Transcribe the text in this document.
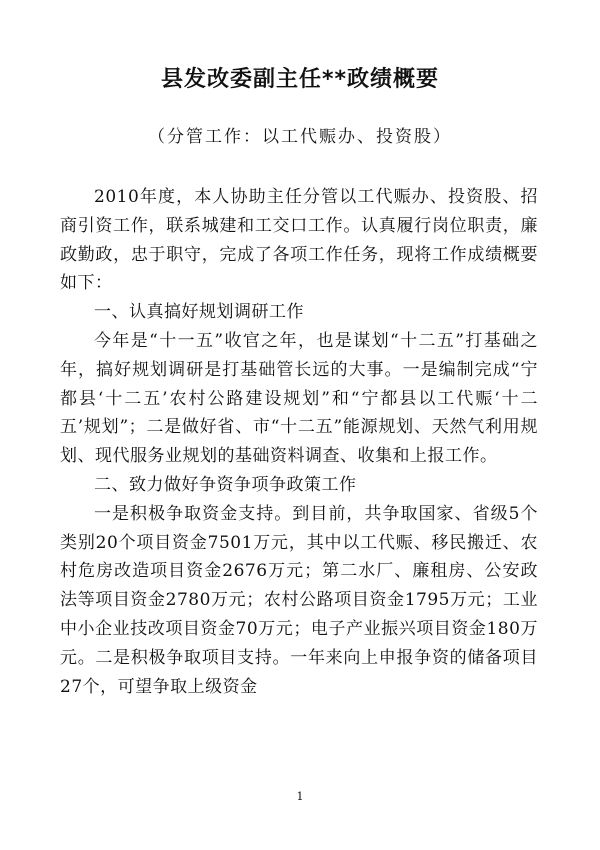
县发改委副主任**政绩概要
（分管工作：以工代赈办、投资股）

2010年度，本人协助主任分管以工代赈办、投资股、招商引资工作，联系城建和工交口工作。认真履行岗位职责，廉政勤政，忠于职守，完成了各项工作任务，现将工作成绩概要如下：

一、认真搞好规划调研工作

今年是“十一五”收官之年，也是谋划“十二五”打基础之年，搞好规划调研是打基础管长远的大事。一是编制完成“宁都县‘十二五’农村公路建设规划”和“宁都县以工代赈‘十二五’规划”；二是做好省、市“十二五”能源规划、天然气利用规划、现代服务业规划的基础资料调查、收集和上报工作。

二、致力做好争资争项争政策工作

一是积极争取资金支持。到目前，共争取国家、省级5个类别20个项目资金7501万元，其中以工代赈、移民搬迁、农村危房改造项目资金2676万元；第二水厂、廉租房、公安政法等项目资金2780万元；农村公路项目资金1795万元；工业中小企业技改项目资金70万元；电子产业振兴项目资金180万元。二是积极争取项目支持。一年来向上申报争资的储备项目27个，可望争取上级资金

1
